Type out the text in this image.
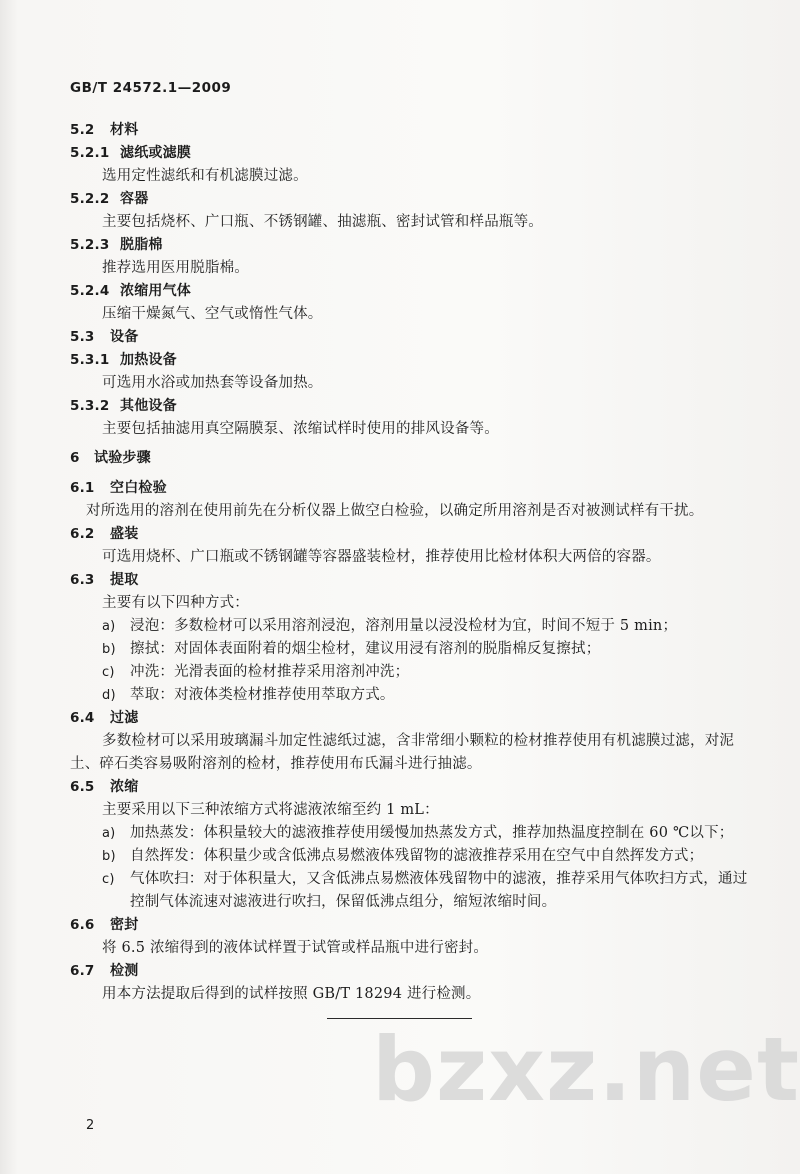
GB/T 24572.1—2009
5.2 材料
5.2.1 滤纸或滤膜
选用定性滤纸和有机滤膜过滤。
5.2.2 容器
主要包括烧杯、广口瓶、不锈钢罐、抽滤瓶、密封试管和样品瓶等。
5.2.3 脱脂棉
推荐选用医用脱脂棉。
5.2.4 浓缩用气体
压缩干燥氮气、空气或惰性气体。
5.3 设备
5.3.1 加热设备
可选用水浴或加热套等设备加热。
5.3.2 其他设备
主要包括抽滤用真空隔膜泵、浓缩试样时使用的排风设备等。
6 试验步骤
6.1 空白检验
对所选用的溶剂在使用前先在分析仪器上做空白检验，以确定所用溶剂是否对被测试样有干扰。
6.2 盛装
可选用烧杯、广口瓶或不锈钢罐等容器盛装检材，推荐使用比检材体积大两倍的容器。
6.3 提取
主要有以下四种方式：
a) 浸泡：多数检材可以采用溶剂浸泡，溶剂用量以浸没检材为宜，时间不短于 5 min；
b) 擦拭：对固体表面附着的烟尘检材，建议用浸有溶剂的脱脂棉反复擦拭；
c) 冲洗：光滑表面的检材推荐采用溶剂冲洗；
d) 萃取：对液体类检材推荐使用萃取方式。
6.4 过滤
多数检材可以采用玻璃漏斗加定性滤纸过滤，含非常细小颗粒的检材推荐使用有机滤膜过滤，对泥
土、碎石类容易吸附溶剂的检材，推荐使用布氏漏斗进行抽滤。
6.5 浓缩
主要采用以下三种浓缩方式将滤液浓缩至约 1 mL：
a) 加热蒸发：体积量较大的滤液推荐使用缓慢加热蒸发方式，推荐加热温度控制在 60 ℃以下；
b) 自然挥发：体积量少或含低沸点易燃液体残留物的滤液推荐采用在空气中自然挥发方式；
c) 气体吹扫：对于体积量大，又含低沸点易燃液体残留物中的滤液，推荐采用气体吹扫方式，通过
控制气体流速对滤液进行吹扫，保留低沸点组分，缩短浓缩时间。
6.6 密封
将 6.5 浓缩得到的液体试样置于试管或样品瓶中进行密封。
6.7 检测
用本方法提取后得到的试样按照 GB/T 18294 进行检测。
bzxz.net
2
